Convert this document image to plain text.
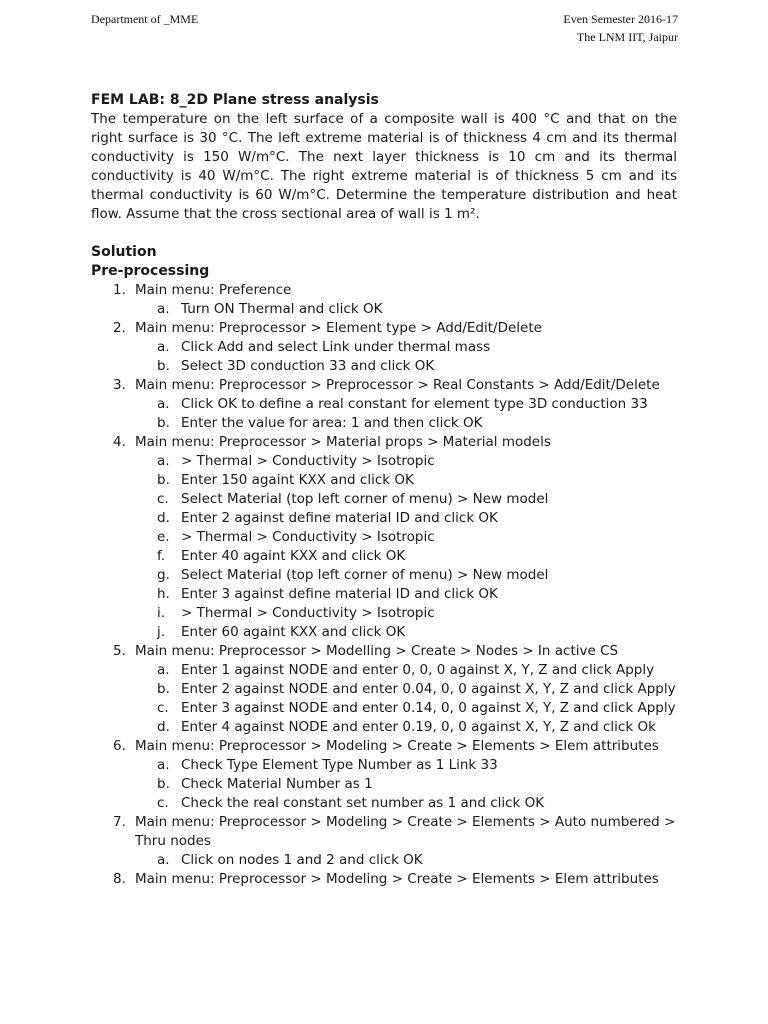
Department of _MME	Even Semester 2016-17
The LNM IIT, Jaipur

FEM LAB: 8_2D Plane stress analysis

The temperature on the left surface of a composite wall is 400 °C and that on the right surface is 30 °C. The left extreme material is of thickness 4 cm and its thermal conductivity is 150 W/m°C. The next layer thickness is 10 cm and its thermal conductivity is 40 W/m°C. The right extreme material is of thickness 5 cm and its thermal conductivity is 60 W/m°C. Determine the temperature distribution and heat flow. Assume that the cross sectional area of wall is 1 m².

Solution

Pre-processing

1. Main menu: Preference
a. Turn ON Thermal and click OK
2. Main menu: Preprocessor > Element type > Add/Edit/Delete
a. Click Add and select Link under thermal mass
b. Select 3D conduction 33 and click OK
3. Main menu: Preprocessor > Preprocessor > Real Constants > Add/Edit/Delete
a. Click OK to define a real constant for element type 3D conduction 33
b. Enter the value for area: 1 and then click OK
4. Main menu: Preprocessor > Material props > Material models
a. > Thermal > Conductivity > Isotropic
b. Enter 150 againt KXX and click OK
c. Select Material (top left corner of menu) > New model
d. Enter 2 against define material ID and click OK
e. > Thermal > Conductivity > Isotropic
f. Enter 40 againt KXX and click OK
g. Select Material (top left corner of menu) > New model
h. Enter 3 against define material ID and click OK
i. > Thermal > Conductivity > Isotropic
j. Enter 60 againt KXX and click OK
5. Main menu: Preprocessor > Modelling > Create > Nodes > In active CS
a. Enter 1 against NODE and enter 0, 0, 0 against X, Y, Z and click Apply
b. Enter 2 against NODE and enter 0.04, 0, 0 against X, Y, Z and click Apply
c. Enter 3 against NODE and enter 0.14, 0, 0 against X, Y, Z and click Apply
d. Enter 4 against NODE and enter 0.19, 0, 0 against X, Y, Z and click Ok
6. Main menu: Preprocessor > Modeling > Create > Elements > Elem attributes
a. Check Type Element Type Number as 1 Link 33
b. Check Material Number as 1
c. Check the real constant set number as 1 and click OK
7. Main menu: Preprocessor > Modeling > Create > Elements > Auto numbered > Thru nodes
a. Click on nodes 1 and 2 and click OK
8. Main menu: Preprocessor > Modeling > Create > Elements > Elem attributes
